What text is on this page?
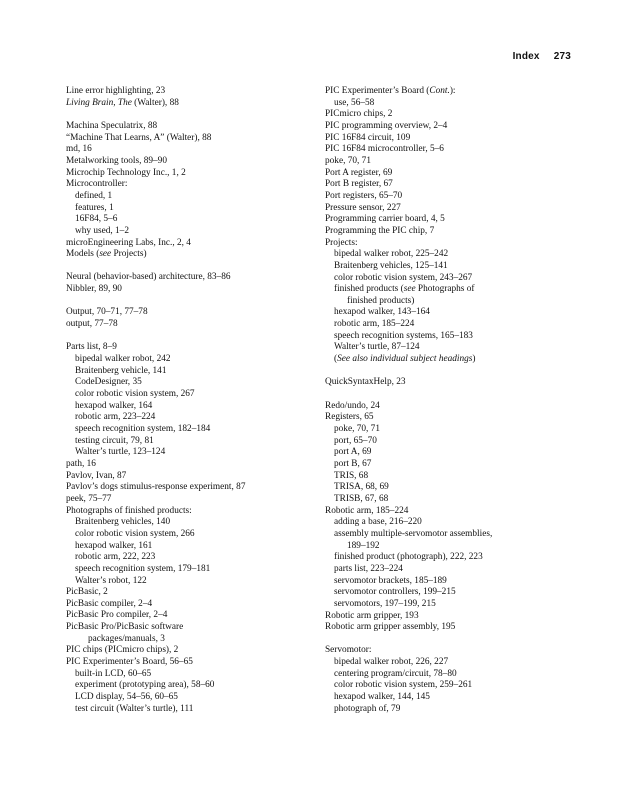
Index 273
Line error highlighting, 23
Living Brain, The (Walter), 88
Machina Speculatrix, 88
“Machine That Learns, A” (Walter), 88
md, 16
Metalworking tools, 89–90
Microchip Technology Inc., 1, 2
Microcontroller:
defined, 1
features, 1
16F84, 5–6
why used, 1–2
microEngineering Labs, Inc., 2, 4
Models (see Projects)
Neural (behavior-based) architecture, 83–86
Nibbler, 89, 90
Output, 70–71, 77–78
output, 77–78
Parts list, 8–9
bipedal walker robot, 242
Braitenberg vehicle, 141
CodeDesigner, 35
color robotic vision system, 267
hexapod walker, 164
robotic arm, 223–224
speech recognition system, 182–184
testing circuit, 79, 81
Walter’s turtle, 123–124
path, 16
Pavlov, Ivan, 87
Pavlov’s dogs stimulus-response experiment, 87
peek, 75–77
Photographs of finished products:
Braitenberg vehicles, 140
color robotic vision system, 266
hexapod walker, 161
robotic arm, 222, 223
speech recognition system, 179–181
Walter’s robot, 122
PicBasic, 2
PicBasic compiler, 2–4
PicBasic Pro compiler, 2–4
PicBasic Pro/PicBasic software
packages/manuals, 3
PIC chips (PICmicro chips), 2
PIC Experimenter’s Board, 56–65
built-in LCD, 60–65
experiment (prototyping area), 58–60
LCD display, 54–56, 60–65
test circuit (Walter’s turtle), 111
PIC Experimenter’s Board (Cont.):
use, 56–58
PICmicro chips, 2
PIC programming overview, 2–4
PIC 16F84 circuit, 109
PIC 16F84 microcontroller, 5–6
poke, 70, 71
Port A register, 69
Port B register, 67
Port registers, 65–70
Pressure sensor, 227
Programming carrier board, 4, 5
Programming the PIC chip, 7
Projects:
bipedal walker robot, 225–242
Braitenberg vehicles, 125–141
color robotic vision system, 243–267
finished products (see Photographs of
finished products)
hexapod walker, 143–164
robotic arm, 185–224
speech recognition systems, 165–183
Walter’s turtle, 87–124
(See also individual subject headings)
QuickSyntaxHelp, 23
Redo/undo, 24
Registers, 65
poke, 70, 71
port, 65–70
port A, 69
port B, 67
TRIS, 68
TRISA, 68, 69
TRISB, 67, 68
Robotic arm, 185–224
adding a base, 216–220
assembly multiple-servomotor assemblies,
189–192
finished product (photograph), 222, 223
parts list, 223–224
servomotor brackets, 185–189
servomotor controllers, 199–215
servomotors, 197–199, 215
Robotic arm gripper, 193
Robotic arm gripper assembly, 195
Servomotor:
bipedal walker robot, 226, 227
centering program/circuit, 78–80
color robotic vision system, 259–261
hexapod walker, 144, 145
photograph of, 79
